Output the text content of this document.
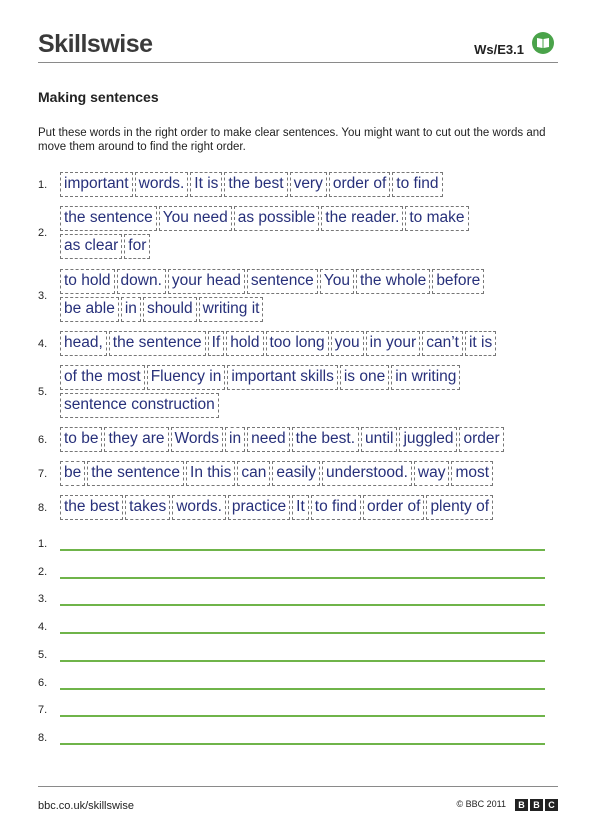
Skillswise	Ws/E3.1
Making sentences
Put these words in the right order to make clear sentences. You might want to cut out the words and move them around to find the right order.
1. important words. It is the best very order of to find
2.
the sentence You need as possible the reader. to make
as clear for
3.
to hold down. your head sentence You the whole before
be able in should writing it
4. head, the sentence If hold too long you in your can’t it is
5.
of the most Fluency in important skills is one in writing
sentence construction
6. to be they are Words in need the best. until juggled order
7. be the sentence In this can easily understood. way most
8. the best takes words. practice It to find order of plenty of
1.
2.
3.
4.
5.
6.
7.
8.
bbc.co.uk/skillswise	© BBC 2011	B B C
